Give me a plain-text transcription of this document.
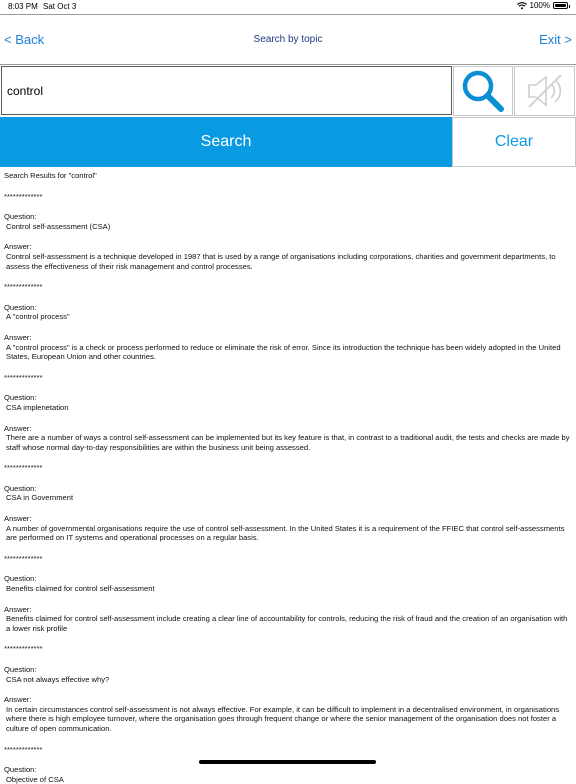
8:03 PM Sat Oct 3	100%
< Back	Search by topic	Exit >
control
Search	Clear
Search Results for "control"
*************
Question:
Control self-assessment (CSA)
Answer:
Control self-assessment is a technique developed in 1987 that is used by a range of organisations including corporations, charities and government departments, to assess the effectiveness of their risk management and control processes.
*************
Question:
A "control process"
Answer:
A "control process" is a check or process performed to reduce or eliminate the risk of error. Since its introduction the technique has been widely adopted in the United States, European Union and other countries.
*************
Question:
CSA implenetation
Answer:
There are a number of ways a control self-assessment can be implemented but its key feature is that, in contrast to a traditional audit, the tests and checks are made by staff whose normal day-to-day responsibilities are within the business unit being assessed.
*************
Question:
CSA in Government
Answer:
A number of governmental organisations require the use of control self-assessment. In the United States it is a requirement of the FFIEC that control self-assessments are performed on IT systems and operational processes on a regular basis.
*************
Question:
Benefits claimed for control self-assessment
Answer:
Benefits claimed for control self-assessment include creating a clear line of accountability for controls, reducing the risk of fraud and the creation of an organisation with a lower risk profile
*************
Question:
CSA not always effective why?
Answer:
In certain circumstances control self-assessment is not always effective. For example, it can be difficult to implement in a decentralised environment, in organisations where there is high employee turnover, where the organisation goes through frequent change or where the senior management of the organisation does not foster a culture of open communication.
*************
Question:
Objective of CSA
